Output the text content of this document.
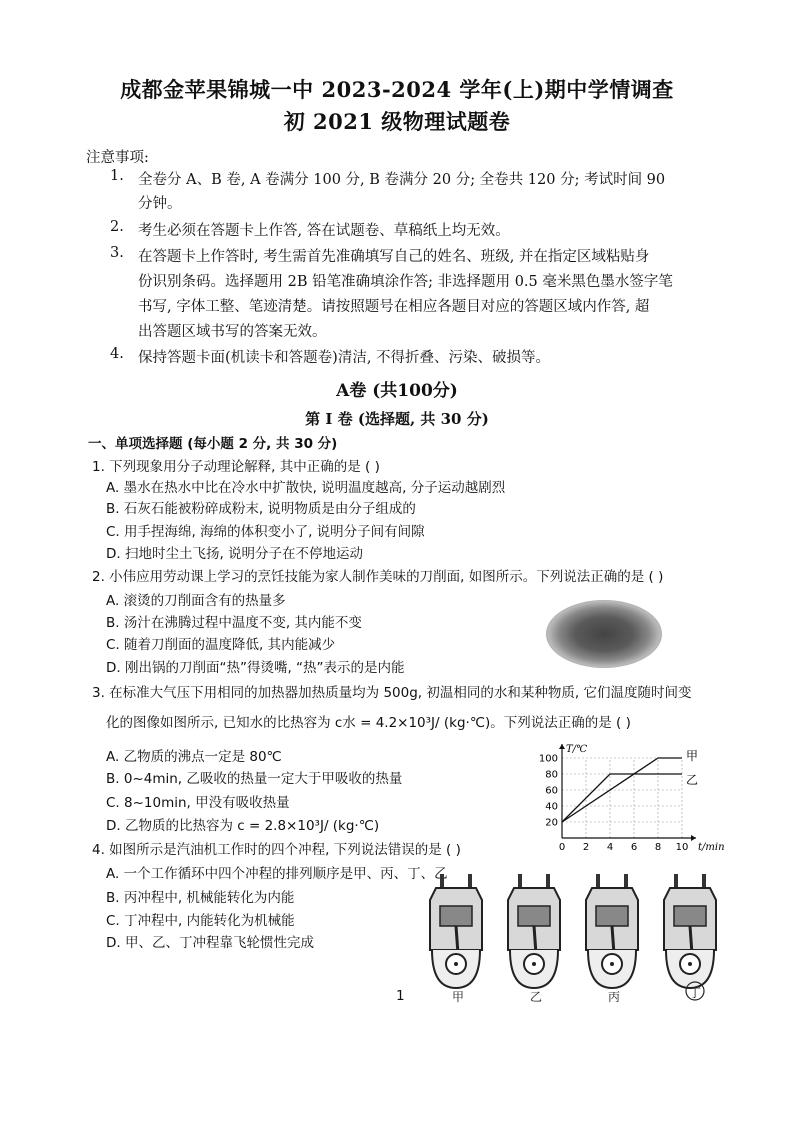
成都金苹果锦城一中 2023-2024 学年(上)期中学情调查
初 2021 级物理试题卷
注意事项:
1. 全卷分 A、B 卷, A 卷满分 100 分, B 卷满分 20 分; 全卷共 120 分; 考试时间 90
分钟。
2. 考生必须在答题卡上作答, 答在试题卷、草稿纸上均无效。
3. 在答题卡上作答时, 考生需首先准确填写自己的姓名、班级, 并在指定区域粘贴身
份识别条码。选择题用 2B 铅笔准确填涂作答; 非选择题用 0.5 毫米黑色墨水签字笔
书写, 字体工整、笔迹清楚。请按照题号在相应各题目对应的答题区域内作答, 超
出答题区域书写的答案无效。
4. 保持答题卡面(机读卡和答题卷)清洁, 不得折叠、污染、破损等。
A卷 (共100分)
第 I 卷 (选择题, 共 30 分)
一、单项选择题 (每小题 2 分, 共 30 分)
1. 下列现象用分子动理论解释, 其中正确的是 ( )
A. 墨水在热水中比在冷水中扩散快, 说明温度越高, 分子运动越剧烈
B. 石灰石能被粉碎成粉末, 说明物质是由分子组成的
C. 用手捏海绵, 海绵的体积变小了, 说明分子间有间隙
D. 扫地时尘土飞扬, 说明分子在不停地运动
2. 小伟应用劳动课上学习的烹饪技能为家人制作美味的刀削面, 如图所示。下列说法正确的是 ( )
A. 滚烫的刀削面含有的热量多
B. 汤汁在沸腾过程中温度不变, 其内能不变
C. 随着刀削面的温度降低, 其内能减少
D. 刚出锅的刀削面“热”得烫嘴, “热”表示的是内能
3. 在标准大气压下用相同的加热器加热质量均为 500g, 初温相同的水和某种物质, 它们温度随时间变
化的图像如图所示, 已知水的比热容为 c水 = 4.2×10³J/ (kg·℃)。下列说法正确的是 ( )
A. 乙物质的沸点一定是 80℃
B. 0~4min, 乙吸收的热量一定大于甲吸收的热量
C. 8~10min, 甲没有吸收热量
D. 乙物质的比热容为 c = 2.8×10³J/ (kg·℃)	20
40
60
80
100
0 2 4 6 8 10
T/℃
t/min
甲
乙
4. 如图所示是汽油机工作时的四个冲程, 下列说法错误的是 ( )
A. 一个工作循环中四个冲程的排列顺序是甲、丙、丁、乙
B. 丙冲程中, 机械能转化为内能
C. 丁冲程中, 内能转化为机械能
D. 甲、乙、丁冲程靠飞轮惯性完成
甲	乙	丙	丁
1
